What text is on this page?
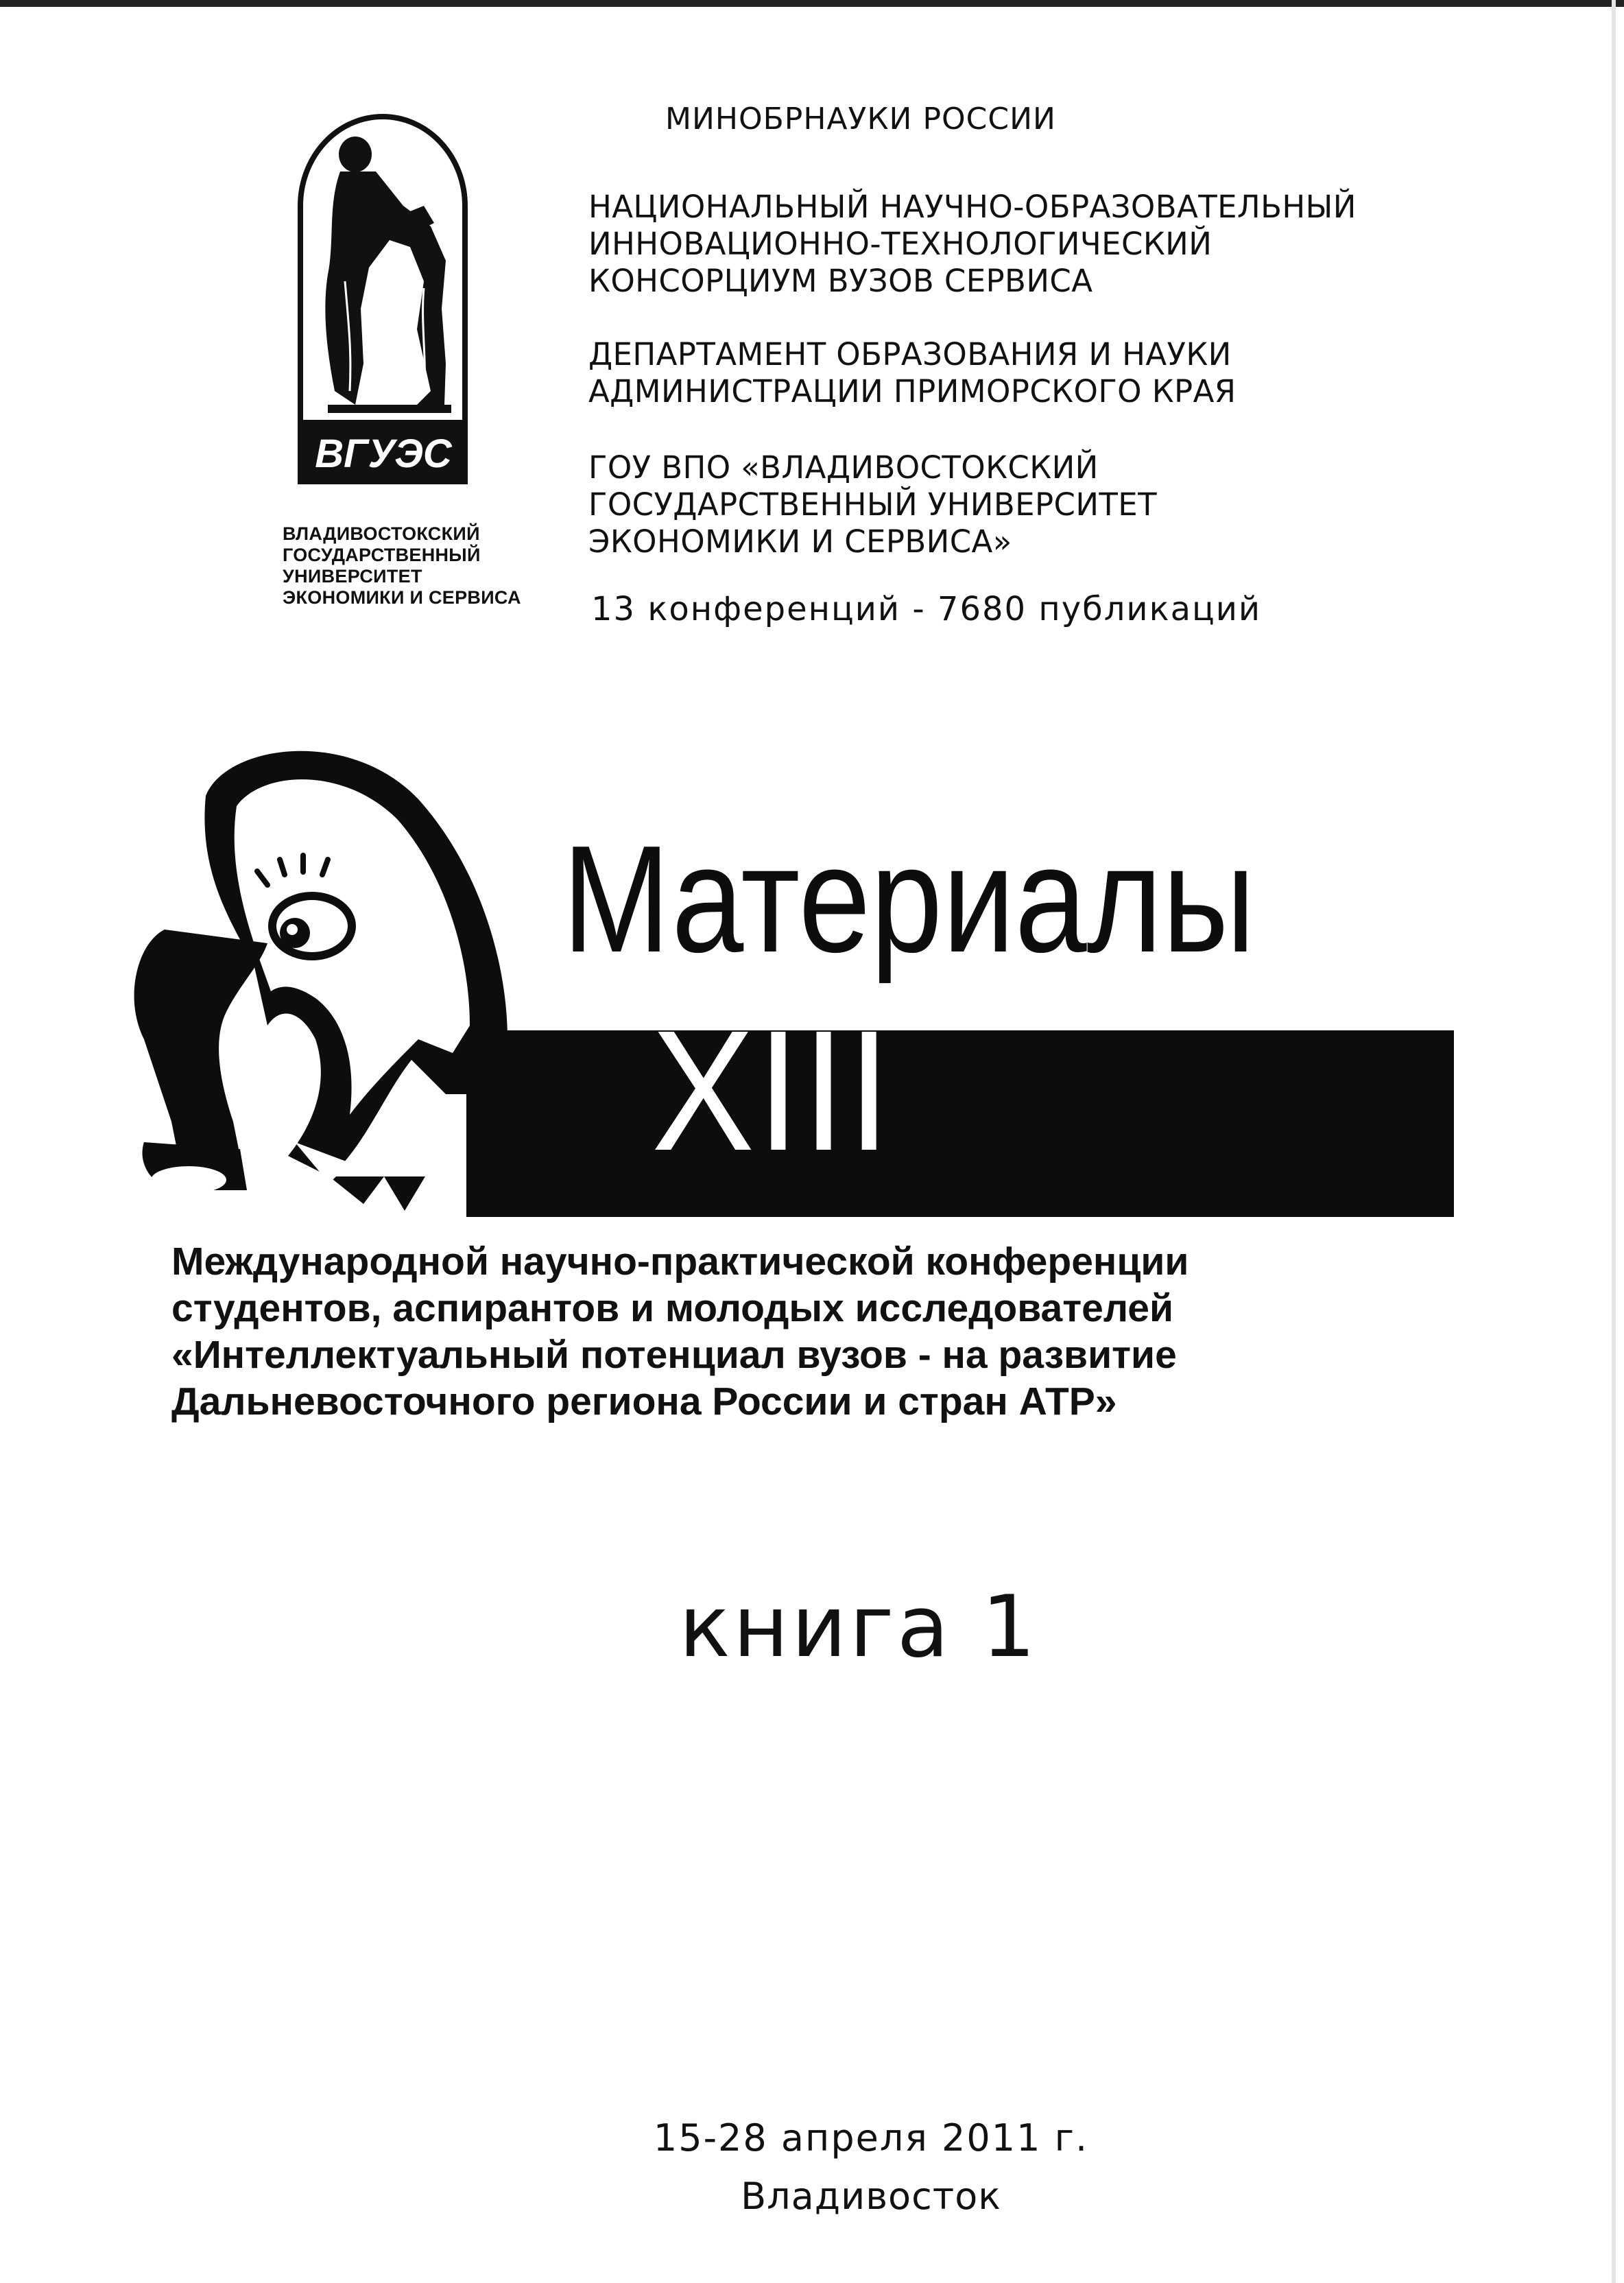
ВГУЭС
ВЛАДИВОСТОКСКИЙ
ГОСУДАРСТВЕННЫЙ
УНИВЕРСИТЕТ
ЭКОНОМИКИ И СЕРВИСА
МИНОБРНАУКИ РОССИИ
НАЦИОНАЛЬНЫЙ НАУЧНО-ОБРАЗОВАТЕЛЬНЫЙ
ИННОВАЦИОННО-ТЕХНОЛОГИЧЕСКИЙ
КОНСОРЦИУМ ВУЗОВ СЕРВИСА
ДЕПАРТАМЕНТ ОБРАЗОВАНИЯ И НАУКИ
АДМИНИСТРАЦИИ ПРИМОРСКОГО КРАЯ
ГОУ ВПО «ВЛАДИВОСТОКСКИЙ
ГОСУДАРСТВЕННЫЙ УНИВЕРСИТЕТ
ЭКОНОМИКИ И СЕРВИСА»
13 конференций - 7680 публикаций
Материалы
XIII
Международной научно-практической конференции
студентов, аспирантов и молодых исследователей
«Интеллектуальный потенциал вузов - на развитие
Дальневосточного региона России и стран АТР»
книга 1
15-28 апреля 2011 г.
Владивосток
